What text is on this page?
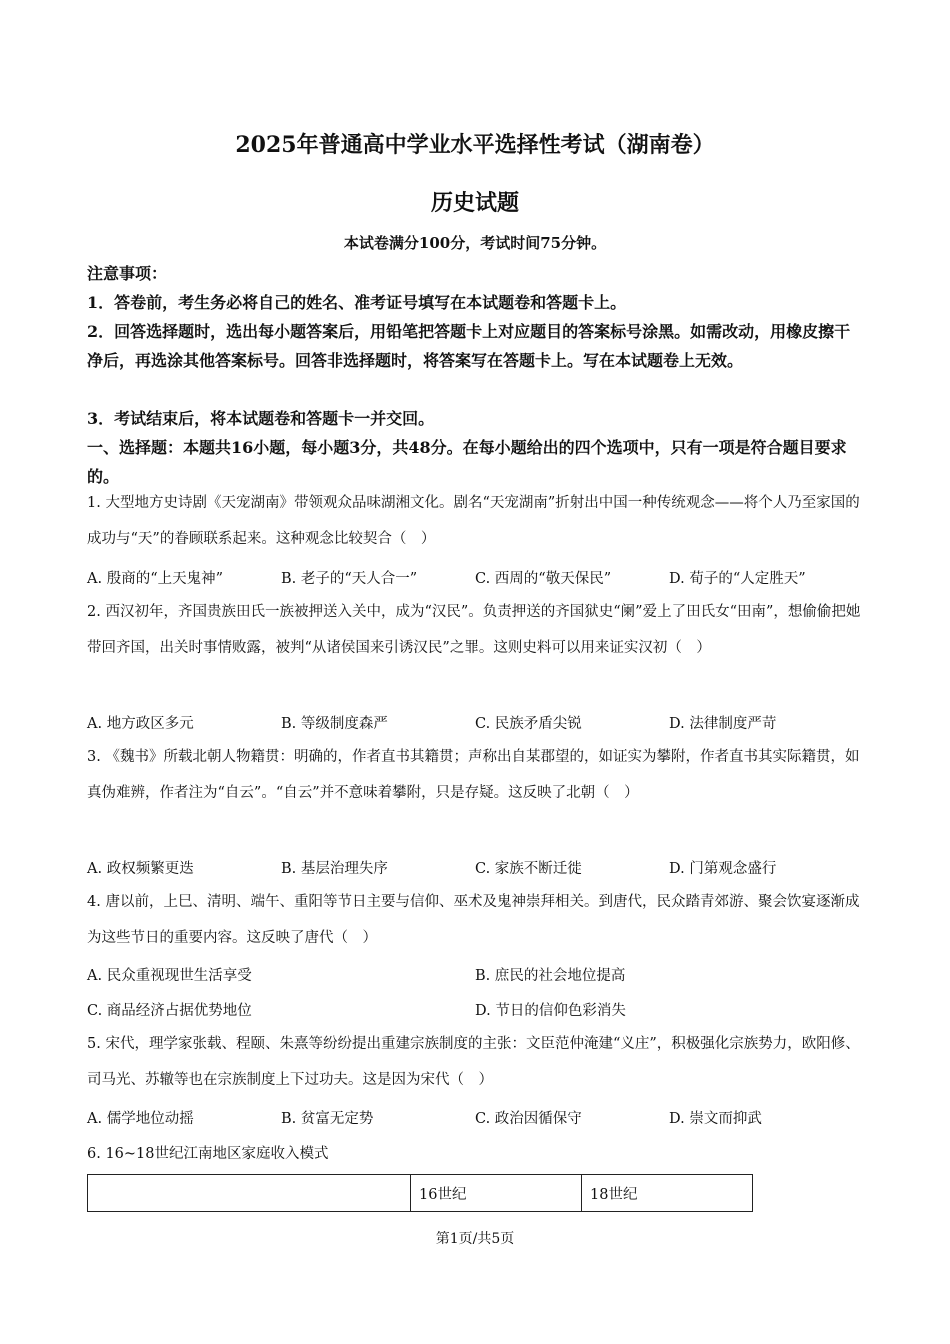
2025年普通高中学业水平选择性考试（湖南卷）
历史试题
本试卷满分100分，考试时间75分钟。
注意事项：
1．答卷前，考生务必将自己的姓名、准考证号填写在本试题卷和答题卡上。
2．回答选择题时，选出每小题答案后，用铅笔把答题卡上对应题目的答案标号涂黑。如需改动，用橡皮擦干净后，再选涂其他答案标号。回答非选择题时，将答案写在答题卡上。写在本试题卷上无效。
3．考试结束后，将本试题卷和答题卡一并交回。
一、选择题：本题共16小题，每小题3分，共48分。在每小题给出的四个选项中，只有一项是符合题目要求的。
1. 大型地方史诗剧《天宠湖南》带领观众品味湖湘文化。剧名“天宠湖南”折射出中国一种传统观念——将个人乃至家国的成功与“天”的眷顾联系起来。这种观念比较契合（　）
A. 殷商的“上天鬼神”	B. 老子的“天人合一”	C. 西周的“敬天保民”	D. 荀子的“人定胜天”
2. 西汉初年，齐国贵族田氏一族被押送入关中，成为“汉民”。负责押送的齐国狱史“阑”爱上了田氏女“田南”，想偷偷把她带回齐国，出关时事情败露，被判“从诸侯国来引诱汉民”之罪。这则史料可以用来证实汉初（　）
A. 地方政区多元	B. 等级制度森严	C. 民族矛盾尖锐	D. 法律制度严苛
3. 《魏书》所载北朝人物籍贯：明确的，作者直书其籍贯；声称出自某郡望的，如证实为攀附，作者直书其实际籍贯，如真伪难辨，作者注为“自云”。“自云”并不意味着攀附，只是存疑。这反映了北朝（　）
A. 政权频繁更迭	B. 基层治理失序	C. 家族不断迁徙	D. 门第观念盛行
4. 唐以前，上巳、清明、端午、重阳等节日主要与信仰、巫术及鬼神崇拜相关。到唐代，民众踏青郊游、聚会饮宴逐渐成为这些节日的重要内容。这反映了唐代（　）
A. 民众重视现世生活享受	B. 庶民的社会地位提高
C. 商品经济占据优势地位	D. 节日的信仰色彩消失
5. 宋代，理学家张载、程颐、朱熹等纷纷提出重建宗族制度的主张：文臣范仲淹建“义庄”，积极强化宗族势力，欧阳修、司马光、苏辙等也在宗族制度上下过功夫。这是因为宋代（　）
A. 儒学地位动摇	B. 贫富无定势	C. 政治因循保守	D. 崇文而抑武
6. 16~18世纪江南地区家庭收入模式
	16世纪	18世纪
第1页/共5页
